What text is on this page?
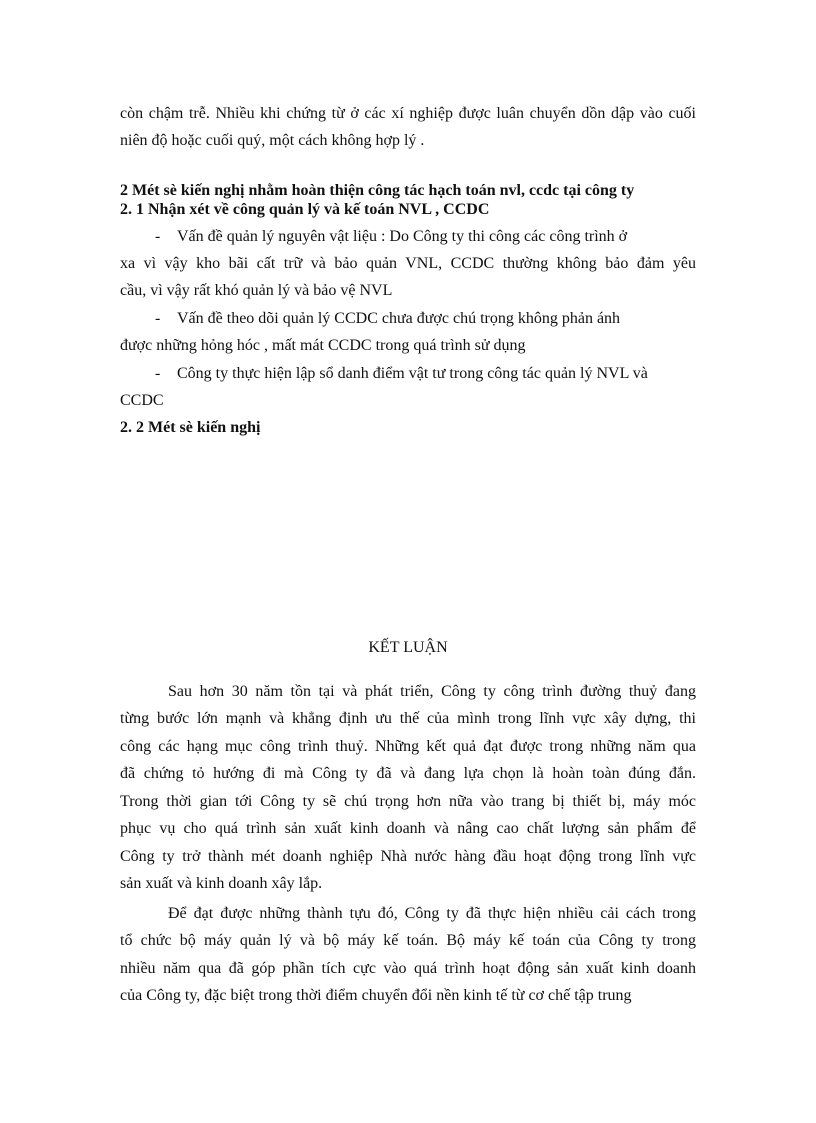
còn chậm trễ. Nhiều khi chứng từ ở các xí nghiệp được luân chuyển dồn dập vào cuối
niên độ hoặc cuối quý, một cách không hợp lý .
2 Mét sè kiến nghị nhằm hoàn thiện công tác hạch toán nvl, ccdc tại công ty
2. 1 Nhận xét về công quản lý và kế toán NVL , CCDC
- Vấn đề quản lý nguyên vật liệu : Do Công ty thi công các công trình ở
xa vì vậy kho bãi cất trữ và bảo quản VNL, CCDC thường không bảo đảm yêu
cầu, vì vậy rất khó quản lý và bảo vệ NVL
- Vấn đề theo dõi quản lý CCDC chưa được chú trọng không phản ánh
được những hỏng hóc , mất mát CCDC trong quá trình sử dụng
- Công ty thực hiện lập sổ danh điểm vật tư trong công tác quản lý NVL và
CCDC
2. 2 Mét sè kiến nghị
KẾT LUẬN
Sau hơn 30 năm tồn tại và phát triển, Công ty công trình đường thuỷ đang
từng bước lớn mạnh và khẳng định ưu thế của mình trong lĩnh vực xây dựng, thi
công các hạng mục công trình thuỷ. Những kết quả đạt được trong những năm qua
đã chứng tỏ hướng đi mà Công ty đã và đang lựa chọn là hoàn toàn đúng đắn.
Trong thời gian tới Công ty sẽ chú trọng hơn nữa vào trang bị thiết bị, máy móc
phục vụ cho quá trình sản xuất kinh doanh và nâng cao chất lượng sản phẩm để
Công ty trở thành mét doanh nghiệp Nhà nước hàng đầu hoạt động trong lĩnh vực
sản xuất và kinh doanh xây lắp.
Để đạt được những thành tựu đó, Công ty đã thực hiện nhiều cải cách trong
tổ chức bộ máy quản lý và bộ máy kế toán. Bộ máy kế toán của Công ty trong
nhiều năm qua đã góp phần tích cực vào quá trình hoạt động sản xuất kinh doanh
của Công ty, đặc biệt trong thời điểm chuyển đổi nền kinh tế từ cơ chế tập trung
